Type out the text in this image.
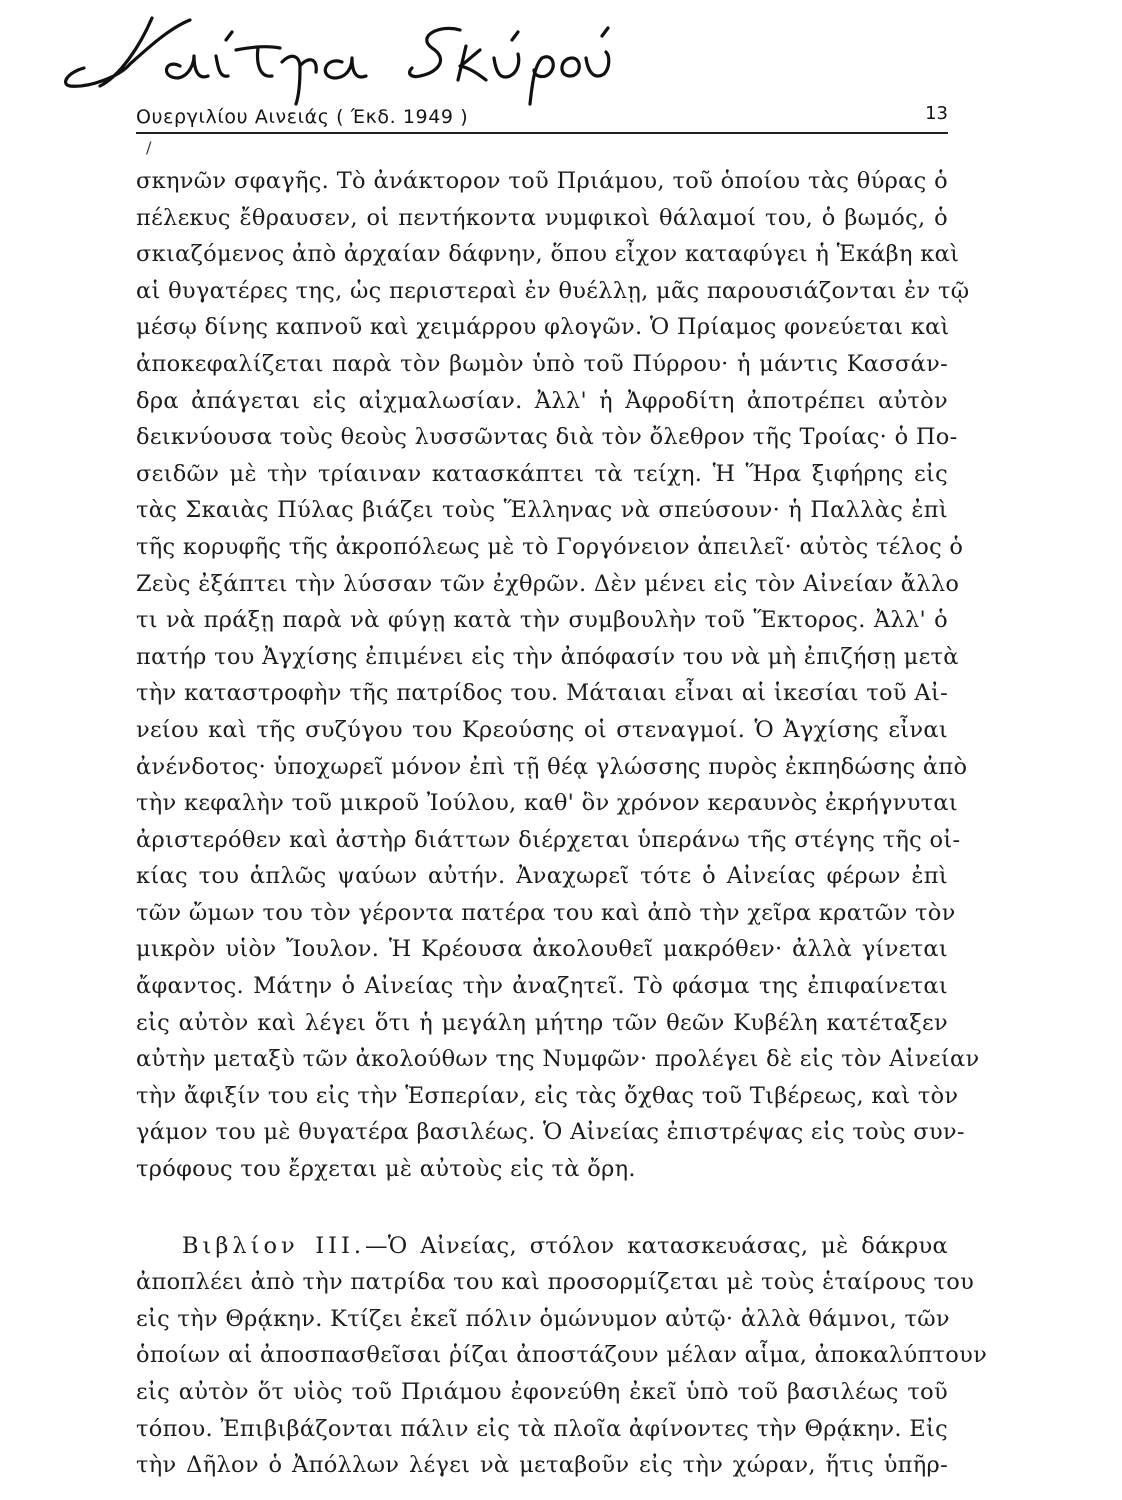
Ουεργιλίου Αινειάς ( Έκδ. 1949 )	13
/
σκηνῶν σφαγῆς. Τὸ ἀνάκτορον τοῦ Πριάμου, τοῦ ὁποίου τὰς θύρας ὁ
πέλεκυς ἔθραυσεν, οἱ πεντήκοντα νυμφικοὶ θάλαμοί του, ὁ βωμός, ὁ
σκιαζόμενος ἀπὸ ἀρχαίαν δάφνην, ὅπου εἶχον καταφύγει ἡ Ἑκάβη καὶ
αἱ θυγατέρες της, ὡς περιστεραὶ ἐν θυέλλῃ, μᾶς παρουσιάζονται ἐν τῷ
μέσῳ δίνης καπνοῦ καὶ χειμάρρου φλογῶν. Ὁ Πρίαμος φονεύεται καὶ
ἀποκεφαλίζεται παρὰ τὸν βωμὸν ὑπὸ τοῦ Πύρρου· ἡ μάντις Κασσάν-
δρα ἀπάγεται εἰς αἰχμαλωσίαν. Ἀλλ' ἡ Ἀφροδίτη ἀποτρέπει αὐτὸν
δεικνύουσα τοὺς θεοὺς λυσσῶντας διὰ τὸν ὄλεθρον τῆς Τροίας· ὁ Πο-
σειδῶν μὲ τὴν τρίαιναν κατασκάπτει τὰ τείχη. Ἡ Ἥρα ξιφήρης εἰς
τὰς Σκαιὰς Πύλας βιάζει τοὺς Ἕλληνας νὰ σπεύσουν· ἡ Παλλὰς ἐπὶ
τῆς κορυφῆς τῆς ἀκροπόλεως μὲ τὸ Γοργόνειον ἀπειλεῖ· αὐτὸς τέλος ὁ
Ζεὺς ἐξάπτει τὴν λύσσαν τῶν ἐχθρῶν. Δὲν μένει εἰς τὸν Αἰνείαν ἄλλο
τι νὰ πράξῃ παρὰ νὰ φύγῃ κατὰ τὴν συμβουλὴν τοῦ Ἕκτορος. Ἀλλ' ὁ
πατήρ του Ἀγχίσης ἐπιμένει εἰς τὴν ἀπόφασίν του νὰ μὴ ἐπιζήσῃ μετὰ
τὴν καταστροφὴν τῆς πατρίδος του. Μάταιαι εἶναι αἱ ἱκεσίαι τοῦ Αἰ-
νείου καὶ τῆς συζύγου του Κρεούσης οἱ στεναγμοί. Ὁ Ἀγχίσης εἶναι
ἀνένδοτος· ὑποχωρεῖ μόνον ἐπὶ τῇ θέᾳ γλώσσης πυρὸς ἐκπηδώσης ἀπὸ
τὴν κεφαλὴν τοῦ μικροῦ Ἰούλου, καθ' ὃν χρόνον κεραυνὸς ἐκρήγνυται
ἀριστερόθεν καὶ ἀστὴρ διάττων διέρχεται ὑπεράνω τῆς στέγης τῆς οἰ-
κίας του ἁπλῶς ψαύων αὐτήν. Ἀναχωρεῖ τότε ὁ Αἰνείας φέρων ἐπὶ
τῶν ὤμων του τὸν γέροντα πατέρα του καὶ ἀπὸ τὴν χεῖρα κρατῶν τὸν
μικρὸν υἱὸν Ἴουλον. Ἡ Κρέουσα ἀκολουθεῖ μακρόθεν· ἀλλὰ γίνεται
ἄφαντος. Μάτην ὁ Αἰνείας τὴν ἀναζητεῖ. Τὸ φάσμα της ἐπιφαίνεται
εἰς αὐτὸν καὶ λέγει ὅτι ἡ μεγάλη μήτηρ τῶν θεῶν Κυβέλη κατέταξεν
αὐτὴν μεταξὺ τῶν ἀκολούθων της Νυμφῶν· προλέγει δὲ εἰς τὸν Αἰνείαν
τὴν ἄφιξίν του εἰς τὴν Ἑσπερίαν, εἰς τὰς ὄχθας τοῦ Τιβέρεως, καὶ τὸν
γάμον του μὲ θυγατέρα βασιλέως. Ὁ Αἰνείας ἐπιστρέψας εἰς τοὺς συν-
τρόφους του ἔρχεται μὲ αὐτοὺς εἰς τὰ ὄρη.
Βιβλίον III.—Ὁ Αἰνείας, στόλον κατασκευάσας, μὲ δάκρυα
ἀποπλέει ἀπὸ τὴν πατρίδα του καὶ προσορμίζεται μὲ τοὺς ἑταίρους του
εἰς τὴν Θρᾴκην. Κτίζει ἐκεῖ πόλιν ὁμώνυμον αὐτῷ· ἀλλὰ θάμνοι, τῶν
ὁποίων αἱ ἀποσπασθεῖσαι ῥίζαι ἀποστάζουν μέλαν αἷμα, ἀποκαλύπτουν
εἰς αὐτὸν ὅτ υἱὸς τοῦ Πριάμου ἐφονεύθη ἐκεῖ ὑπὸ τοῦ βασιλέως τοῦ
τόπου. Ἐπιβιβάζονται πάλιν εἰς τὰ πλοῖα ἀφίνοντες τὴν Θρᾴκην. Εἰς
τὴν Δῆλον ὁ Ἀπόλλων λέγει νὰ μεταβοῦν εἰς τὴν χώραν, ἥτις ὑπῆρ-
